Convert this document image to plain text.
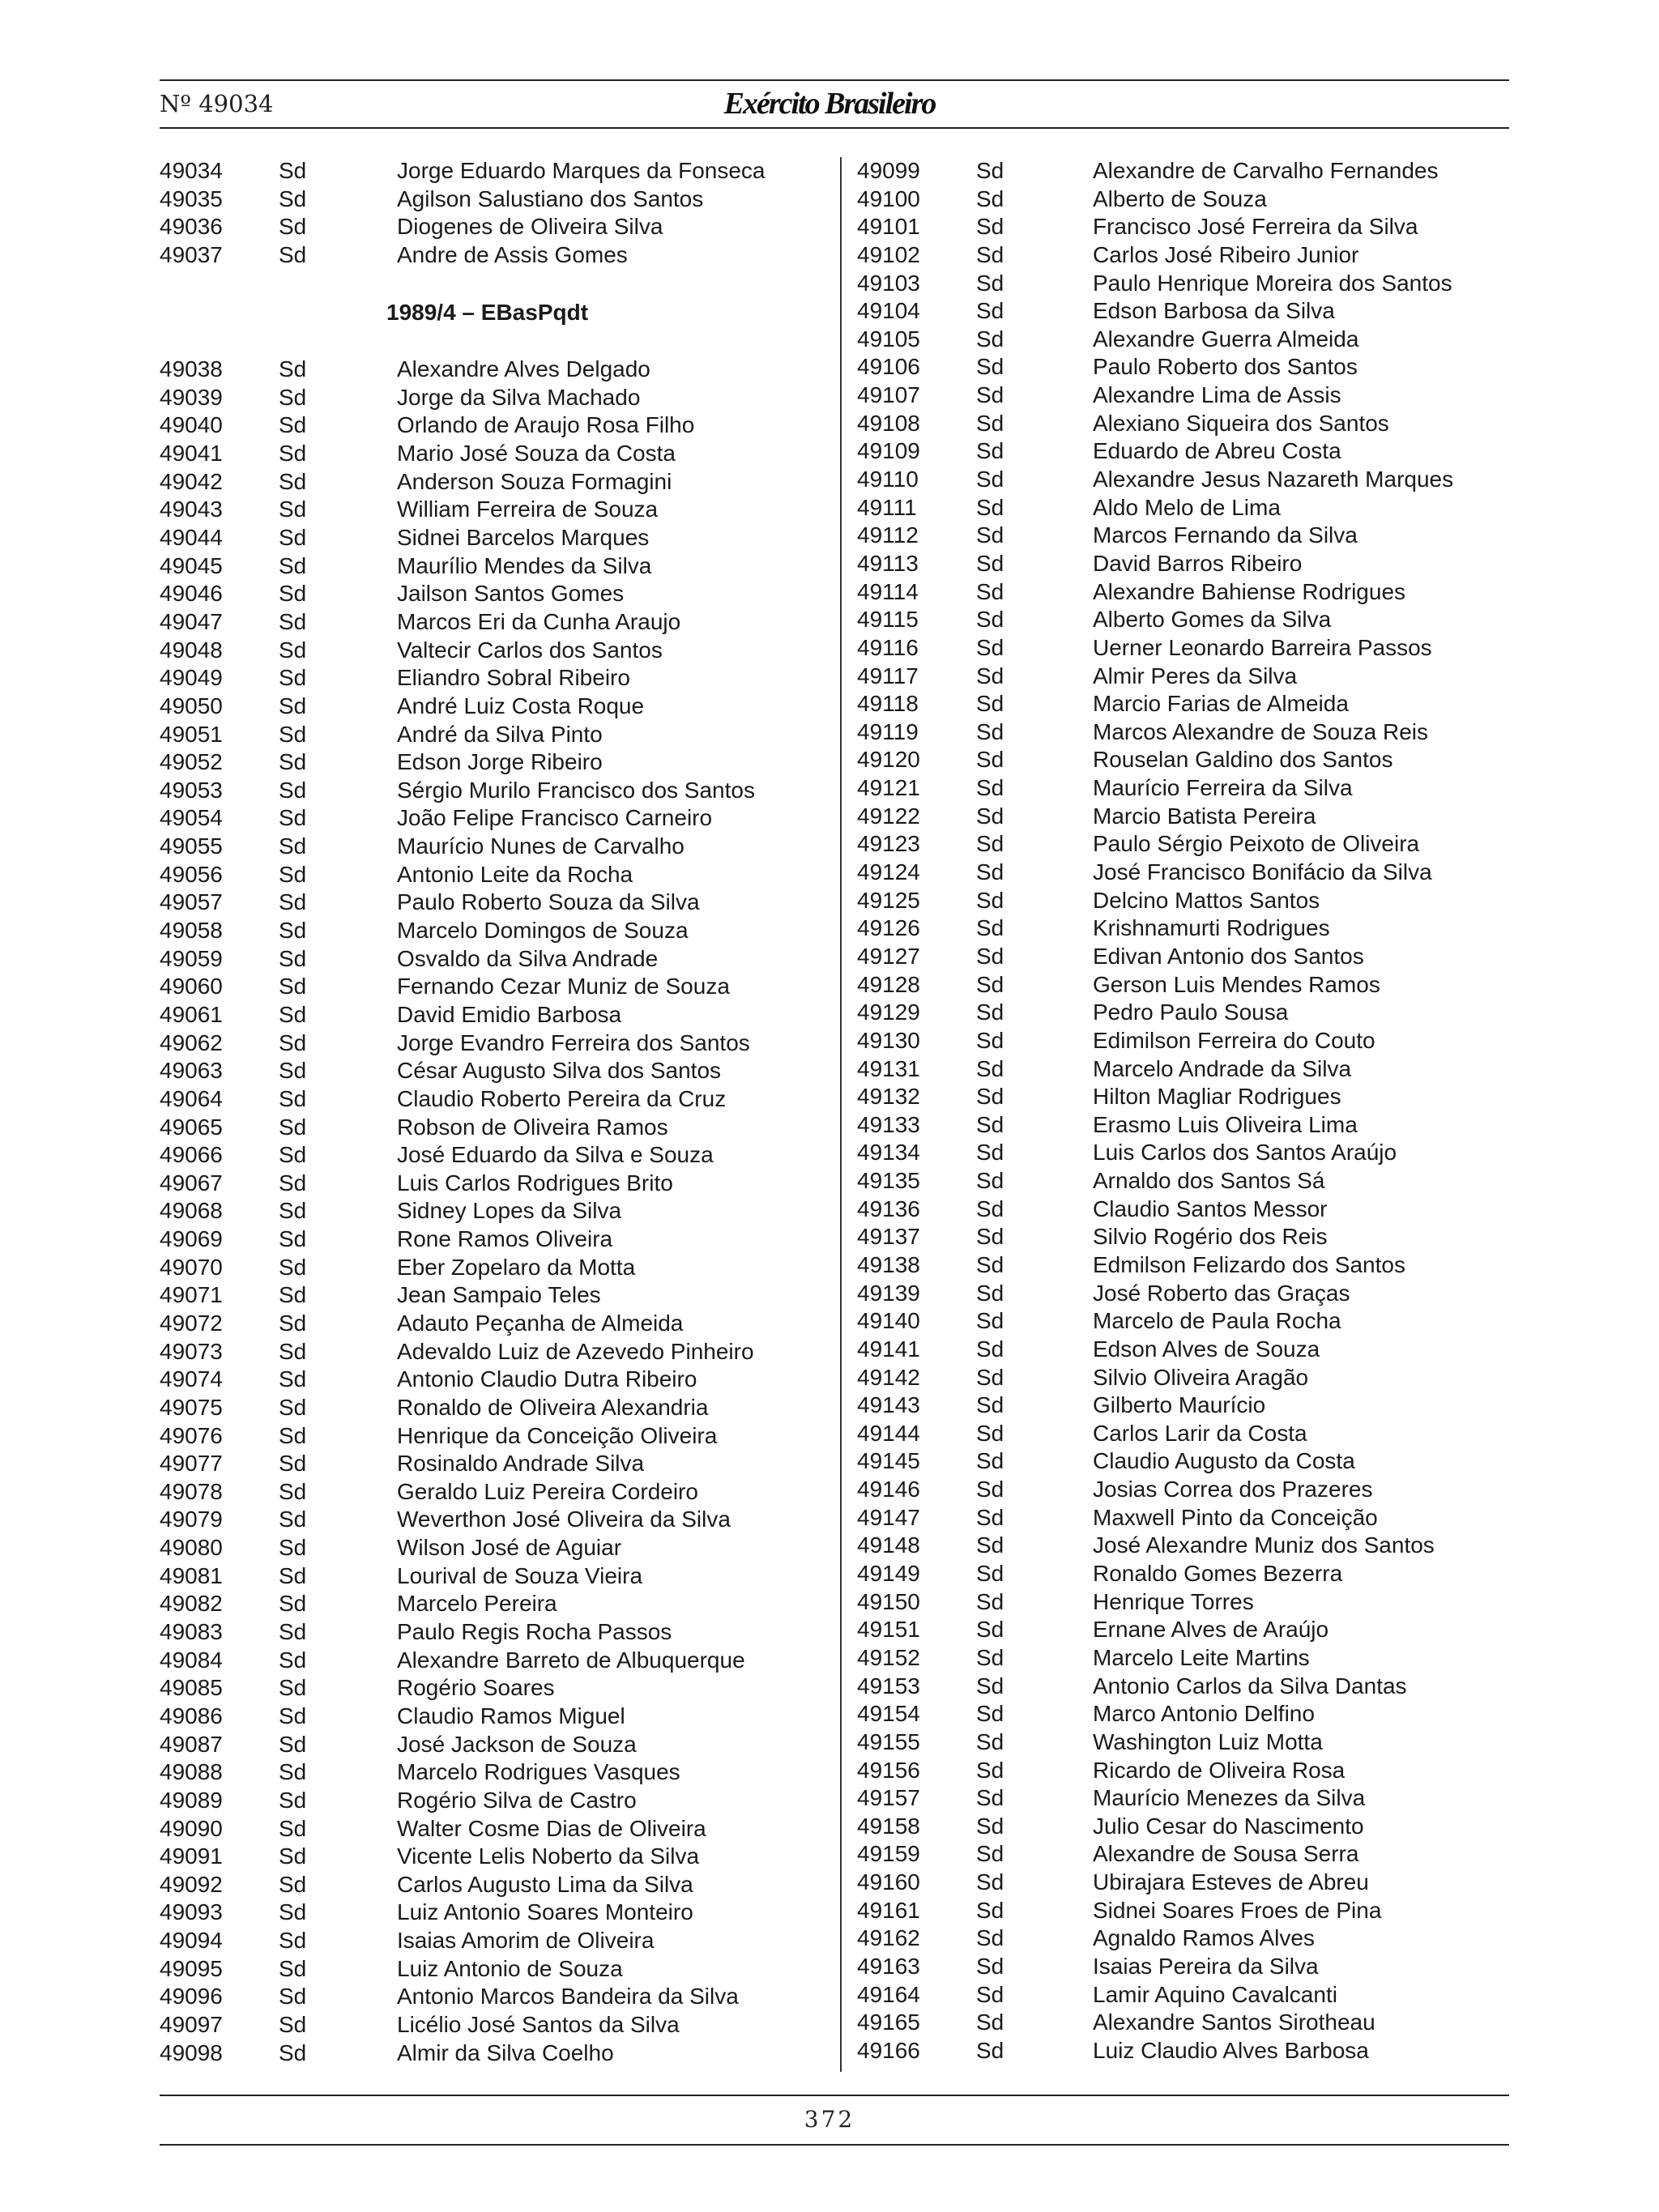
Nº 49034	Exército Brasileiro
49034 Sd	Jorge Eduardo Marques da Fonseca
49035 Sd	Agilson Salustiano dos Santos
49036 Sd	Diogenes de Oliveira Silva
49037 Sd	Andre de Assis Gomes
1989/4 – EBasPqdt
49038 Sd	Alexandre Alves Delgado
49039 Sd	Jorge da Silva Machado
49040 Sd	Orlando de Araujo Rosa Filho
49041 Sd	Mario José Souza da Costa
49042 Sd	Anderson Souza Formagini
49043 Sd	William Ferreira de Souza
49044 Sd	Sidnei Barcelos Marques
49045 Sd	Maurílio Mendes da Silva
49046 Sd	Jailson Santos Gomes
49047 Sd	Marcos Eri da Cunha Araujo
49048 Sd	Valtecir Carlos dos Santos
49049 Sd	Eliandro Sobral Ribeiro
49050 Sd	André Luiz Costa Roque
49051 Sd	André da Silva Pinto
49052 Sd	Edson Jorge Ribeiro
49053 Sd	Sérgio Murilo Francisco dos Santos
49054 Sd	João Felipe Francisco Carneiro
49055 Sd	Maurício Nunes de Carvalho
49056 Sd	Antonio Leite da Rocha
49057 Sd	Paulo Roberto Souza da Silva
49058 Sd	Marcelo Domingos de Souza
49059 Sd	Osvaldo da Silva Andrade
49060 Sd	Fernando Cezar Muniz de Souza
49061 Sd	David Emidio Barbosa
49062 Sd	Jorge Evandro Ferreira dos Santos
49063 Sd	César Augusto Silva dos Santos
49064 Sd	Claudio Roberto Pereira da Cruz
49065 Sd	Robson de Oliveira Ramos
49066 Sd	José Eduardo da Silva e Souza
49067 Sd	Luis Carlos Rodrigues Brito
49068 Sd	Sidney Lopes da Silva
49069 Sd	Rone Ramos Oliveira
49070 Sd	Eber Zopelaro da Motta
49071 Sd	Jean Sampaio Teles
49072 Sd	Adauto Peçanha de Almeida
49073 Sd	Adevaldo Luiz de Azevedo Pinheiro
49074 Sd	Antonio Claudio Dutra Ribeiro
49075 Sd	Ronaldo de Oliveira Alexandria
49076 Sd	Henrique da Conceição Oliveira
49077 Sd	Rosinaldo Andrade Silva
49078 Sd	Geraldo Luiz Pereira Cordeiro
49079 Sd	Weverthon José Oliveira da Silva
49080 Sd	Wilson José de Aguiar
49081 Sd	Lourival de Souza Vieira
49082 Sd	Marcelo Pereira
49083 Sd	Paulo Regis Rocha Passos
49084 Sd	Alexandre Barreto de Albuquerque
49085 Sd	Rogério Soares
49086 Sd	Claudio Ramos Miguel
49087 Sd	José Jackson de Souza
49088 Sd	Marcelo Rodrigues Vasques
49089 Sd	Rogério Silva de Castro
49090 Sd	Walter Cosme Dias de Oliveira
49091 Sd	Vicente Lelis Noberto da Silva
49092 Sd	Carlos Augusto Lima da Silva
49093 Sd	Luiz Antonio Soares Monteiro
49094 Sd	Isaias Amorim de Oliveira
49095 Sd	Luiz Antonio de Souza
49096 Sd	Antonio Marcos Bandeira da Silva
49097 Sd	Licélio José Santos da Silva
49098 Sd	Almir da Silva Coelho
49099 Sd	Alexandre de Carvalho Fernandes
49100 Sd	Alberto de Souza
49101 Sd	Francisco José Ferreira da Silva
49102 Sd	Carlos José Ribeiro Junior
49103 Sd	Paulo Henrique Moreira dos Santos
49104 Sd	Edson Barbosa da Silva
49105 Sd	Alexandre Guerra Almeida
49106 Sd	Paulo Roberto dos Santos
49107 Sd	Alexandre Lima de Assis
49108 Sd	Alexiano Siqueira dos Santos
49109 Sd	Eduardo de Abreu Costa
49110	Sd	Alexandre Jesus Nazareth Marques
49111	Sd	Aldo Melo de Lima
49112	Sd	Marcos Fernando da Silva
49113	Sd	David Barros Ribeiro
49114	Sd	Alexandre Bahiense Rodrigues
49115	Sd	Alberto Gomes da Silva
49116	Sd	Uerner Leonardo Barreira Passos
49117	Sd	Almir Peres da Silva
49118	Sd	Marcio Farias de Almeida
49119	Sd	Marcos Alexandre de Souza Reis
49120 Sd	Rouselan Galdino dos Santos
49121 Sd	Maurício Ferreira da Silva
49122 Sd	Marcio Batista Pereira
49123 Sd	Paulo Sérgio Peixoto de Oliveira
49124 Sd	José Francisco Bonifácio da Silva
49125 Sd	Delcino Mattos Santos
49126 Sd	Krishnamurti Rodrigues
49127 Sd	Edivan Antonio dos Santos
49128 Sd	Gerson Luis Mendes Ramos
49129 Sd	Pedro Paulo Sousa
49130 Sd	Edimilson Ferreira do Couto
49131 Sd	Marcelo Andrade da Silva
49132 Sd	Hilton Magliar Rodrigues
49133 Sd	Erasmo Luis Oliveira Lima
49134 Sd	Luis Carlos dos Santos Araújo
49135 Sd	Arnaldo dos Santos Sá
49136 Sd	Claudio Santos Messor
49137 Sd	Silvio Rogério dos Reis
49138 Sd	Edmilson Felizardo dos Santos
49139 Sd	José Roberto das Graças
49140 Sd	Marcelo de Paula Rocha
49141 Sd	Edson Alves de Souza
49142 Sd	Silvio Oliveira Aragão
49143 Sd	Gilberto Maurício
49144 Sd	Carlos Larir da Costa
49145 Sd	Claudio Augusto da Costa
49146 Sd	Josias Correa dos Prazeres
49147 Sd	Maxwell Pinto da Conceição
49148 Sd	José Alexandre Muniz dos Santos
49149 Sd	Ronaldo Gomes Bezerra
49150 Sd	Henrique Torres
49151 Sd	Ernane Alves de Araújo
49152 Sd	Marcelo Leite Martins
49153 Sd	Antonio Carlos da Silva Dantas
49154 Sd	Marco Antonio Delfino
49155 Sd	Washington Luiz Motta
49156 Sd	Ricardo de Oliveira Rosa
49157 Sd	Maurício Menezes da Silva
49158 Sd	Julio Cesar do Nascimento
49159 Sd	Alexandre de Sousa Serra
49160 Sd	Ubirajara Esteves de Abreu
49161 Sd	Sidnei Soares Froes de Pina
49162 Sd	Agnaldo Ramos Alves
49163 Sd	Isaias Pereira da Silva
49164 Sd	Lamir Aquino Cavalcanti
49165 Sd	Alexandre Santos Sirotheau
49166 Sd	Luiz Claudio Alves Barbosa
372
